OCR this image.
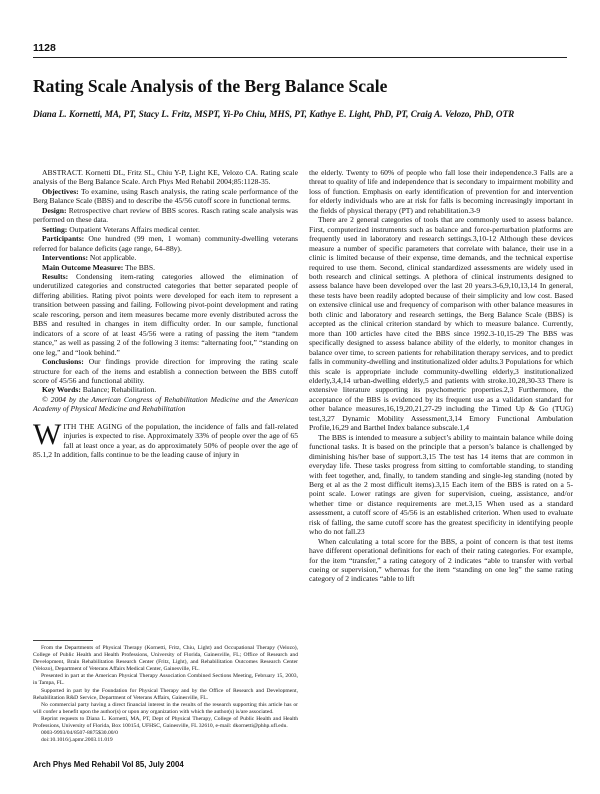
1128
Rating Scale Analysis of the Berg Balance Scale
Diana L. Kornetti, MA, PT, Stacy L. Fritz, MSPT, Yi-Po Chiu, MHS, PT, Kathye E. Light, PhD, PT, Craig A. Velozo, PhD, OTR

ABSTRACT. Kornetti DL, Fritz SL, Chiu Y-P, Light KE, Velozo CA. Rating scale analysis of the Berg Balance Scale. Arch Phys Med Rehabil 2004;85:1128-35.

Objectives: To examine, using Rasch analysis, the rating scale performance of the Berg Balance Scale (BBS) and to describe the 45/56 cutoff score in functional terms.

Design: Retrospective chart review of BBS scores. Rasch rating scale analysis was performed on these data.

Setting: Outpatient Veterans Affairs medical center.

Participants: One hundred (99 men, 1 woman) community-dwelling veterans referred for balance deficits (age range, 64–88y).

Interventions: Not applicable.

Main Outcome Measure: The BBS.

Results: Condensing item-rating categories allowed the elimination of underutilized categories and constructed categories that better separated people of differing abilities. Rating pivot points were developed for each item to represent a transition between passing and failing. Following pivot-point development and rating scale rescoring, person and item measures became more evenly distributed across the BBS and resulted in changes in item difficulty order. In our sample, functional indicators of a score of at least 45/56 were a rating of passing the item “tandem stance,” as well as passing 2 of the following 3 items: “alternating foot,” “standing on one leg,” and “look behind.”

Conclusions: Our findings provide direction for improving the rating scale structure for each of the items and establish a connection between the BBS cutoff score of 45/56 and functional ability.

Key Words: Balance; Rehabilitation.

© 2004 by the American Congress of Rehabilitation Medicine and the American Academy of Physical Medicine and Rehabilitation

WITH THE AGING of the population, the incidence of falls and fall-related injuries is expected to rise. Approximately 33% of people over the age of 65 fall at least once a year, as do approximately 50% of people over the age of 85.1,2 In addition, falls continue to be the leading cause of injury in

From the Departments of Physical Therapy (Kornetti, Fritz, Chiu, Light) and Occupational Therapy (Velozo), College of Public Health and Health Professions, University of Florida, Gainesville, FL; Office of Research and Development, Brain Rehabilitation Research Center (Fritz, Light), and Rehabilitation Outcomes Research Center (Velozo), Department of Veterans Affairs Medical Center, Gainesville, FL.

Presented in part at the American Physical Therapy Association Combined Sections Meeting, February 15, 2003, in Tampa, FL.

Supported in part by the Foundation for Physical Therapy and by the Office of Research and Development, Rehabilitation R&D Service, Department of Veterans Affairs, Gainesville, FL.

No commercial party having a direct financial interest in the results of the research supporting this article has or will confer a benefit upon the author(s) or upon any organization with which the author(s) is/are associated.

Reprint requests to Diana L. Kornetti, MA, PT, Dept of Physical Therapy, College of Public Health and Health Professions, University of Florida, Box 100154, UFHSC, Gainesville, FL 32610, e-mail: dkornetti@phhp.ufl.edu.

0003-9993/04/8507-8875$30.00/0

doi:10.1016/j.apmr.2003.11.019

the elderly. Twenty to 60% of people who fall lose their independence.3 Falls are a threat to quality of life and independence that is secondary to impairment mobility and loss of function. Emphasis on early identification of prevention for and intervention for elderly individuals who are at risk for falls is becoming increasingly important in the fields of physical therapy (PT) and rehabilitation.3-9

There are 2 general categories of tools that are commonly used to assess balance. First, computerized instruments such as balance and force-perturbation platforms are frequently used in laboratory and research settings.3,10-12 Although these devices measure a number of specific parameters that correlate with balance, their use in a clinic is limited because of their expense, time demands, and the technical expertise required to use them. Second, clinical standardized assessments are widely used in both research and clinical settings. A plethora of clinical instruments designed to assess balance have been developed over the last 20 years.3-6,9,10,13,14 In general, these tests have been readily adopted because of their simplicity and low cost. Based on extensive clinical use and frequency of comparison with other balance measures in both clinic and laboratory and research settings, the Berg Balance Scale (BBS) is accepted as the clinical criterion standard by which to measure balance. Currently, more than 100 articles have cited the BBS since 1992.3-10,15-29 The BBS was specifically designed to assess balance ability of the elderly, to monitor changes in balance over time, to screen patients for rehabilitation therapy services, and to predict falls in community-dwelling and institutionalized older adults.3 Populations for which this scale is appropriate include community-dwelling elderly,3 institutionalized elderly,3,4,14 urban-dwelling elderly,5 and patients with stroke.10,28,30-33 There is extensive literature supporting its psychometric properties.2,3 Furthermore, the acceptance of the BBS is evidenced by its frequent use as a validation standard for other balance measures,16,19,20,21,27-29 including the Timed Up & Go (TUG) test,3,27 Dynamic Mobility Assessment,3,14 Emory Functional Ambulation Profile,16,29 and Barthel Index balance subscale.1,4

The BBS is intended to measure a subject’s ability to maintain balance while doing functional tasks. It is based on the principle that a person’s balance is challenged by diminishing his/her base of support.3,15 The test has 14 items that are common in everyday life. These tasks progress from sitting to comfortable standing, to standing with feet together, and, finally, to tandem standing and single-leg standing (noted by Berg et al as the 2 most difficult items).3,15 Each item of the BBS is rated on a 5-point scale. Lower ratings are given for supervision, cueing, assistance, and/or whether time or distance requirements are met.3,15 When used as a standard assessment, a cutoff score of 45/56 is an established criterion. When used to evaluate risk of falling, the same cutoff score has the greatest specificity in identifying people who do not fall.23

When calculating a total score for the BBS, a point of concern is that test items have different operational definitions for each of their rating categories. For example, for the item “transfer,” a rating category of 2 indicates “able to transfer with verbal cueing or supervision,” whereas for the item “standing on one leg” the same rating category of 2 indicates “able to lift

Arch Phys Med Rehabil Vol 85, July 2004
